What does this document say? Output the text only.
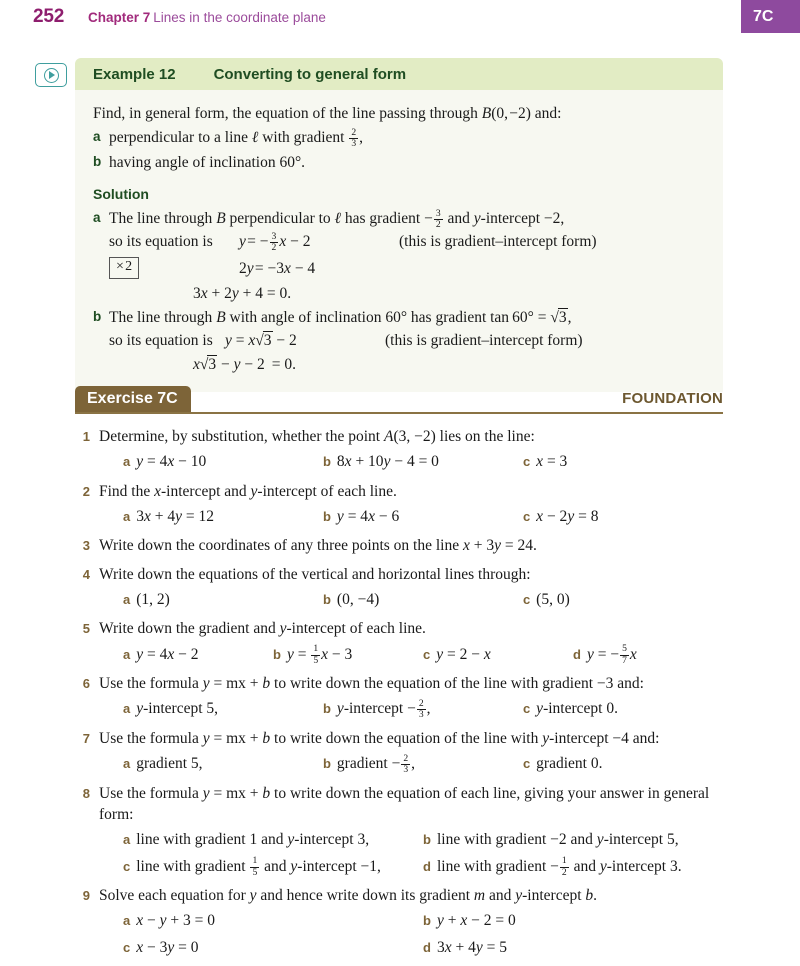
252 Chapter 7 Lines in the coordinate plane	7C
Example 12	Converting to general form
Find, in general form, the equation of the line passing through B(0, −2) and:
a perpendicular to a line ℓ with gradient $\frac{2}{3}$ ,
b having angle of inclination 60°.
Solution
a The line through B perpendicular to ℓ has gradient − $\frac{3}{2}$ and y-intercept −2,
so its equation is	y = − $\frac{3}{2}$ x − 2	(this is gradient–intercept form)
× 2	2y = −3x − 4
3x + 2y + 4 = 0.
b The line through B with angle of inclination 60° has gradient tan 60° = √3,
so its equation is y = x√3 − 2	(this is gradient–intercept form)
x√3 − y − 2  = 0.
Exercise 7C	FOUNDATION
1 Determine, by substitution, whether the point A(3, −2) lies on the line:
a y = 4x − 10	b 8x + 10y − 4 = 0	c x = 3
2 Find the x-intercept and y-intercept of each line.
a 3x + 4y = 12	b y = 4x − 6	c x − 2y = 8
3 Write down the coordinates of any three points on the line x + 3y = 24.
4 Write down the equations of the vertical and horizontal lines through:
a (1, 2)	b (0, −4)	c (5, 0)
5 Write down the gradient and y-intercept of each line.
a y = 4x − 2	b $y = \frac{1}{5}$ x − 3	c y = 2 − x	d y = − $\frac{5}{7}$ x
6 Use the formula y = mx + b to write down the equation of the line with gradient −3 and:
a y-intercept 5,	b y-intercept − $\frac{2}{3}$ ,	c y-intercept 0.
7 Use the formula y = mx + b to write down the equation of the line with y-intercept −4 and:
a gradient 5,	b gradient − $\frac{2}{3}$ ,	c gradient 0.
8 Use the formula y = mx + b to write down the equation of each line, giving your answer in general form:
a line with gradient 1 and y-intercept 3,	b line with gradient −2 and y-intercept 5,
c line with gradient $\frac{1}{5}$ and y-intercept −1,	d line with gradient − $\frac{1}{2}$ and y-intercept 3.
9 Solve each equation for y and hence write down its gradient m and y-intercept b.
a x − y + 3 = 0	b y + x − 2 = 0
c x − 3y = 0	d 3x + 4y = 5
